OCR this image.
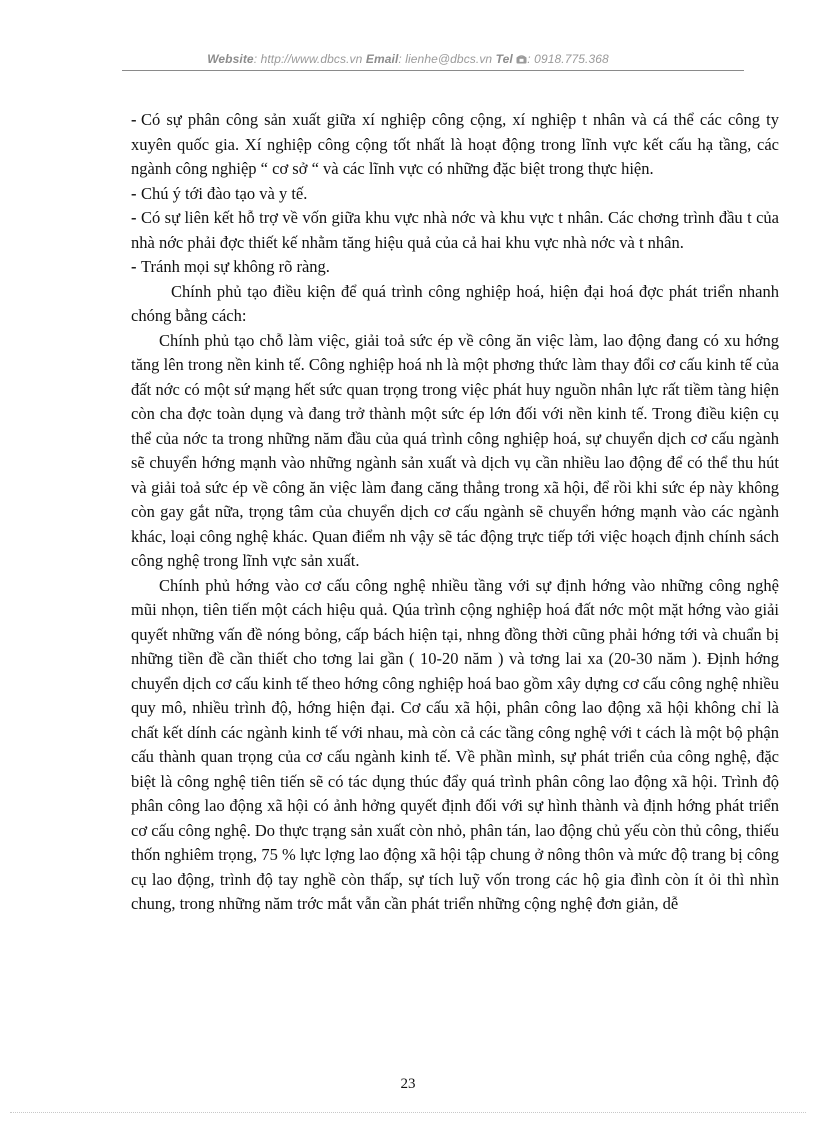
Website: http://www.dbcs.vn Email: lienhe@dbcs.vn Tel : 0918.775.368

- Có sự phân công sản xuất giữa xí nghiệp công cộng, xí nghiệp t nhân và cá thể các công ty xuyên quốc gia. Xí nghiệp công cộng tốt nhất là hoạt động trong lĩnh vực kết cấu hạ tầng, các ngành công nghiệp “ cơ sở “ và các lĩnh vực có những đặc biệt trong thực hiện.

- Chú ý tới đào tạo và y tế.

- Có sự liên kết hỗ trợ về vốn giữa khu vực nhà nớc và khu vực t nhân. Các chơng trình đầu t của nhà nớc phải đợc thiết kế nhằm tăng hiệu quả của cả hai khu vực nhà nớc và t nhân.

- Tránh mọi sự không rõ ràng.

Chính phủ tạo điều kiện để quá trình công nghiệp hoá, hiện đại hoá đợc phát triển nhanh chóng bằng cách:

Chính phủ tạo chỗ làm việc, giải toả sức ép về công ăn việc làm, lao động đang có xu hớng tăng lên trong nền kinh tế. Công nghiệp hoá nh là một phơng thức làm thay đổi cơ cấu kinh tế của đất nớc có một sứ mạng hết sức quan trọng trong việc phát huy nguồn nhân lực rất tiềm tàng hiện còn cha đợc toàn dụng và đang trở thành một sức ép lớn đối với nền kinh tế. Trong điều kiện cụ thể của nớc ta trong những năm đầu của quá trình công nghiệp hoá, sự chuyển dịch cơ cấu ngành sẽ chuyển hớng mạnh vào những ngành sản xuất và dịch vụ cần nhiều lao động để có thể thu hút và giải toả sức ép về công ăn việc làm đang căng thẳng trong xã hội, để rồi khi sức ép này không còn gay gắt nữa, trọng tâm của chuyển dịch cơ cấu ngành sẽ chuyển hớng mạnh vào các ngành khác, loại công nghệ khác. Quan điểm nh vậy sẽ tác động trực tiếp tới việc hoạch định chính sách công nghệ trong lĩnh vực sản xuất.

Chính phủ hớng vào cơ cấu công nghệ nhiều tầng với sự định hớng vào những công nghệ mũi nhọn, tiên tiến một cách hiệu quả. Qúa trình cộng nghiệp hoá đất nớc một mặt hớng vào giải quyết những vấn đề nóng bỏng, cấp bách hiện tại, nhng đồng thời cũng phải hớng tới và chuẩn bị những tiền đề cần thiết cho tơng lai gần ( 10-20 năm ) và tơng lai xa (20-30 năm ). Định hớng chuyển dịch cơ cấu kinh tế theo hớng công nghiệp hoá bao gồm xây dựng cơ cấu công nghệ nhiều quy mô, nhiều trình độ, hớng hiện đại. Cơ cấu xã hội, phân công lao động xã hội không chỉ là chất kết dính các ngành kinh tế với nhau, mà còn cả các tầng công nghệ với t cách là một bộ phận cấu thành quan trọng của cơ cấu ngành kinh tế. Về phần mình, sự phát triển của công nghệ, đặc biệt là công nghệ tiên tiến sẽ có tác dụng thúc đẩy quá trình phân công lao động xã hội. Trình độ phân công lao động xã hội có ảnh hởng quyết định đối với sự hình thành và định hớng phát triển cơ cấu công nghệ. Do thực trạng sản xuất còn nhỏ, phân tán, lao động chủ yếu còn thủ công, thiếu thốn nghiêm trọng, 75 % lực lợng lao động xã hội tập chung ở nông thôn và mức độ trang bị công cụ lao động, trình độ tay nghề còn thấp, sự tích luỹ vốn trong các hộ gia đình còn ít ỏi thì nhìn chung, trong những năm trớc mắt vẫn cần phát triển những cộng nghệ đơn giản, dễ

23
